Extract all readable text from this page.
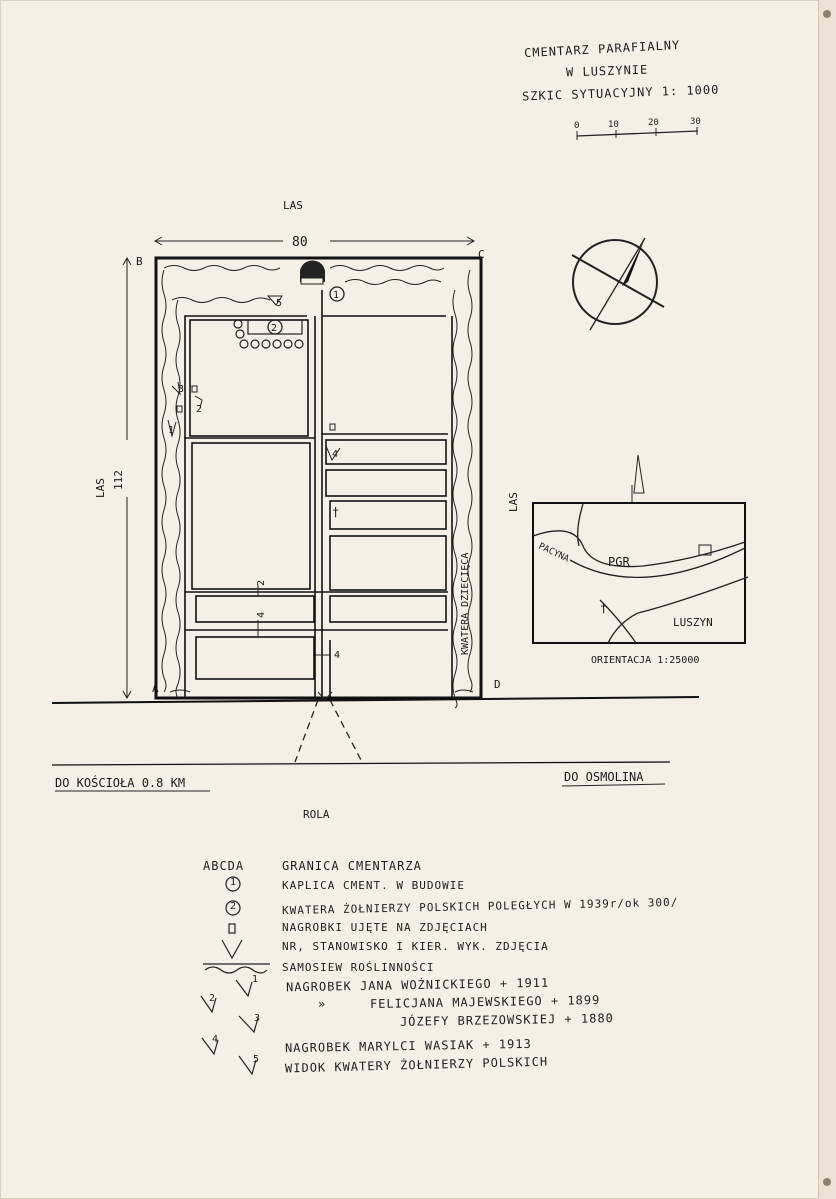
CMENTARZ PARAFIALNY
W LUSZYNIE
SZKIC SYTUACYJNY 1: 1000
0	10	20	30
80
112
1
2
5
3
2
1
4
†
2
4
4
B
C
A	D
LAS
LAS
LAS
KWATERA DZIECIĘCA
DO KOŚCIOŁA 0.8 KM	DO OSMOLINA
ROLA
†
PGR
PACYNA
LUSZYN
ORIENTACJA 1:25000
ABCDA	GRANICA CMENTARZA
1	KAPLICA CMENT. W BUDOWIE
2	KWATERA ŻOŁNIERZY POLSKICH POLEGŁYCH W 1939r/ok 300/
NAGROBKI UJĘTE NA ZDJĘCIACH
NR, STANOWISKO I KIER. WYK. ZDJĘCIA
SAMOSIEW ROŚLINNOŚCI
1 NAGROBEK JANA WOŹNICKIEGO + 1911
2	»	FELICJANA MAJEWSKIEGO + 1899
3	JÓZEFY BRZEZOWSKIEJ + 1880
4	NAGROBEK MARYLCI WASIAK + 1913
5 WIDOK KWATERY ŻOŁNIERZY POLSKICH
